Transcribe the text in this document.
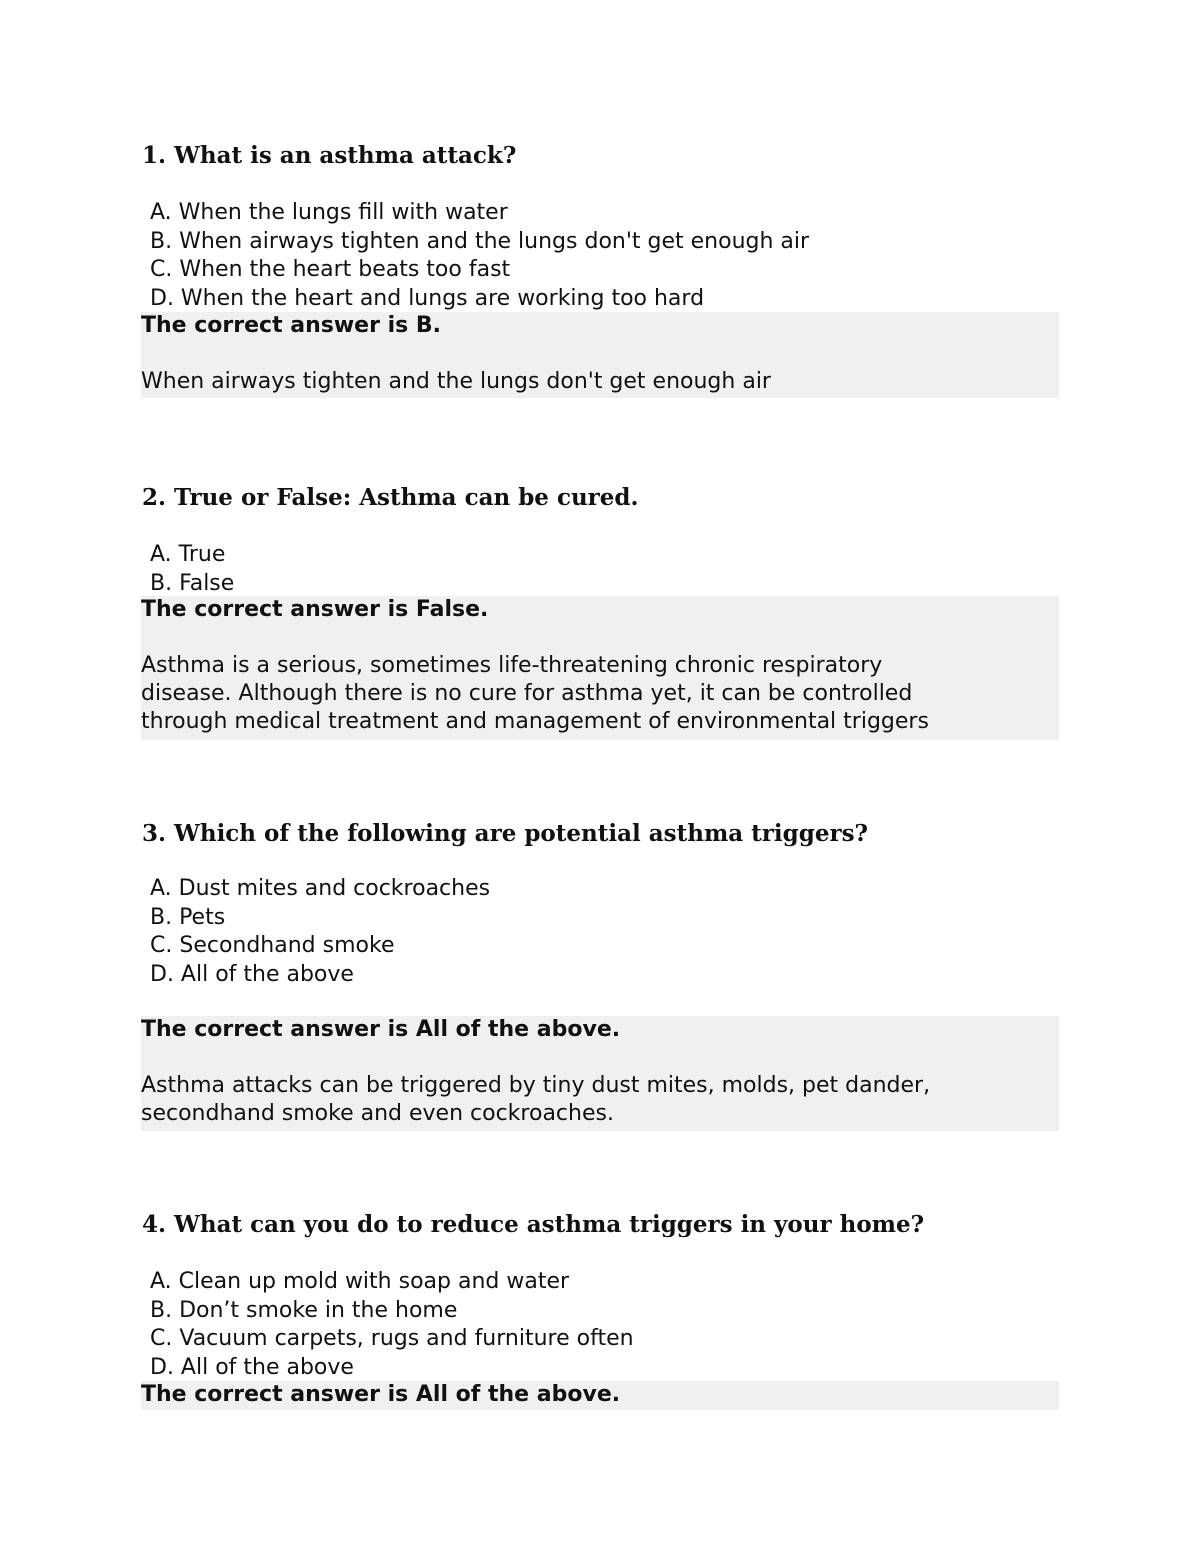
1. What is an asthma attack?
A. When the lungs fill with water
B. When airways tighten and the lungs don't get enough air
C. When the heart beats too fast
D. When the heart and lungs are working too hard
The correct answer is B.
When airways tighten and the lungs don't get enough air
2. True or False: Asthma can be cured.
A. True
B. False
The correct answer is False.
Asthma is a serious, sometimes life-threatening chronic respiratory
disease. Although there is no cure for asthma yet, it can be controlled
through medical treatment and management of environmental triggers
3. Which of the following are potential asthma triggers?
A. Dust mites and cockroaches
B. Pets
C. Secondhand smoke
D. All of the above
The correct answer is All of the above.
Asthma attacks can be triggered by tiny dust mites, molds, pet dander,
secondhand smoke and even cockroaches.
4. What can you do to reduce asthma triggers in your home?
A. Clean up mold with soap and water
B. Don’t smoke in the home
C. Vacuum carpets, rugs and furniture often
D. All of the above
The correct answer is All of the above.
